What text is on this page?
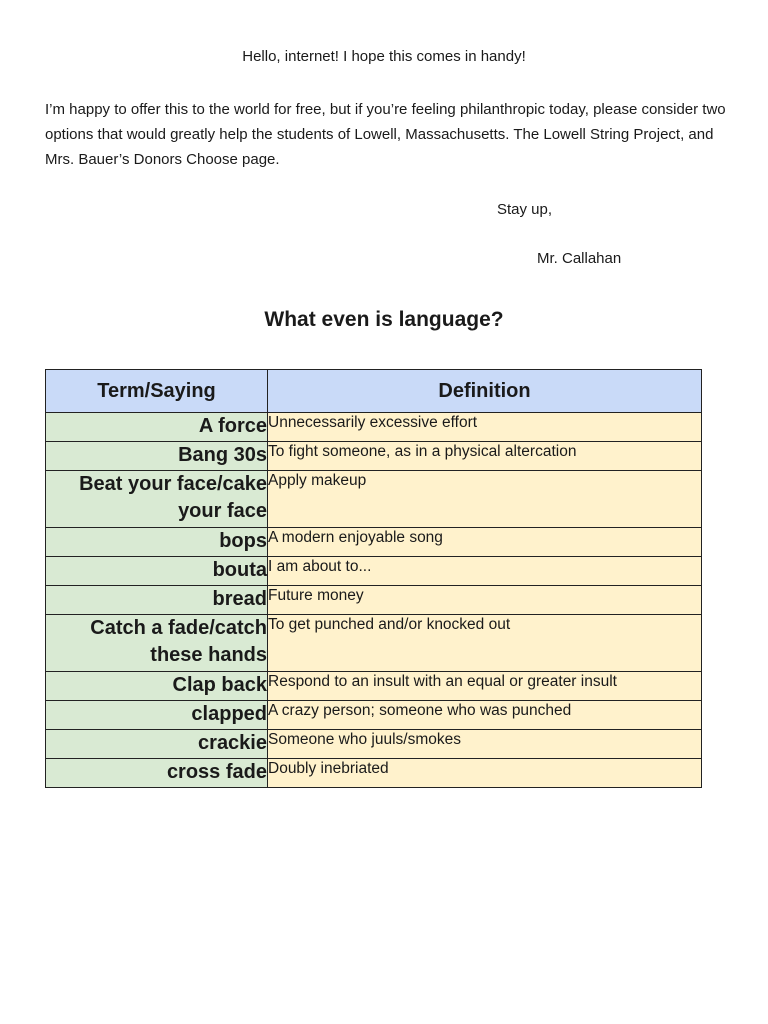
Hello, internet! I hope this comes in handy!
I’m happy to offer this to the world for free, but if you’re feeling philanthropic today, please consider two options that would greatly help the students of Lowell, Massachusetts. The Lowell String Project, and Mrs. Bauer’s Donors Choose page.
Stay up,
Mr. Callahan
What even is language?
Term/Saying	Definition
A force	Unnecessarily excessive effort
Bang 30s	To fight someone, as in a physical altercation
Beat your face/cake your face	Apply makeup
bops	A modern enjoyable song
bouta	I am about to...
bread	Future money
Catch a fade/catch these hands	To get punched and/or knocked out
Clap back	Respond to an insult with an equal or greater insult
clapped	A crazy person; someone who was punched
crackie	Someone who juuls/smokes
cross fade	Doubly inebriated
